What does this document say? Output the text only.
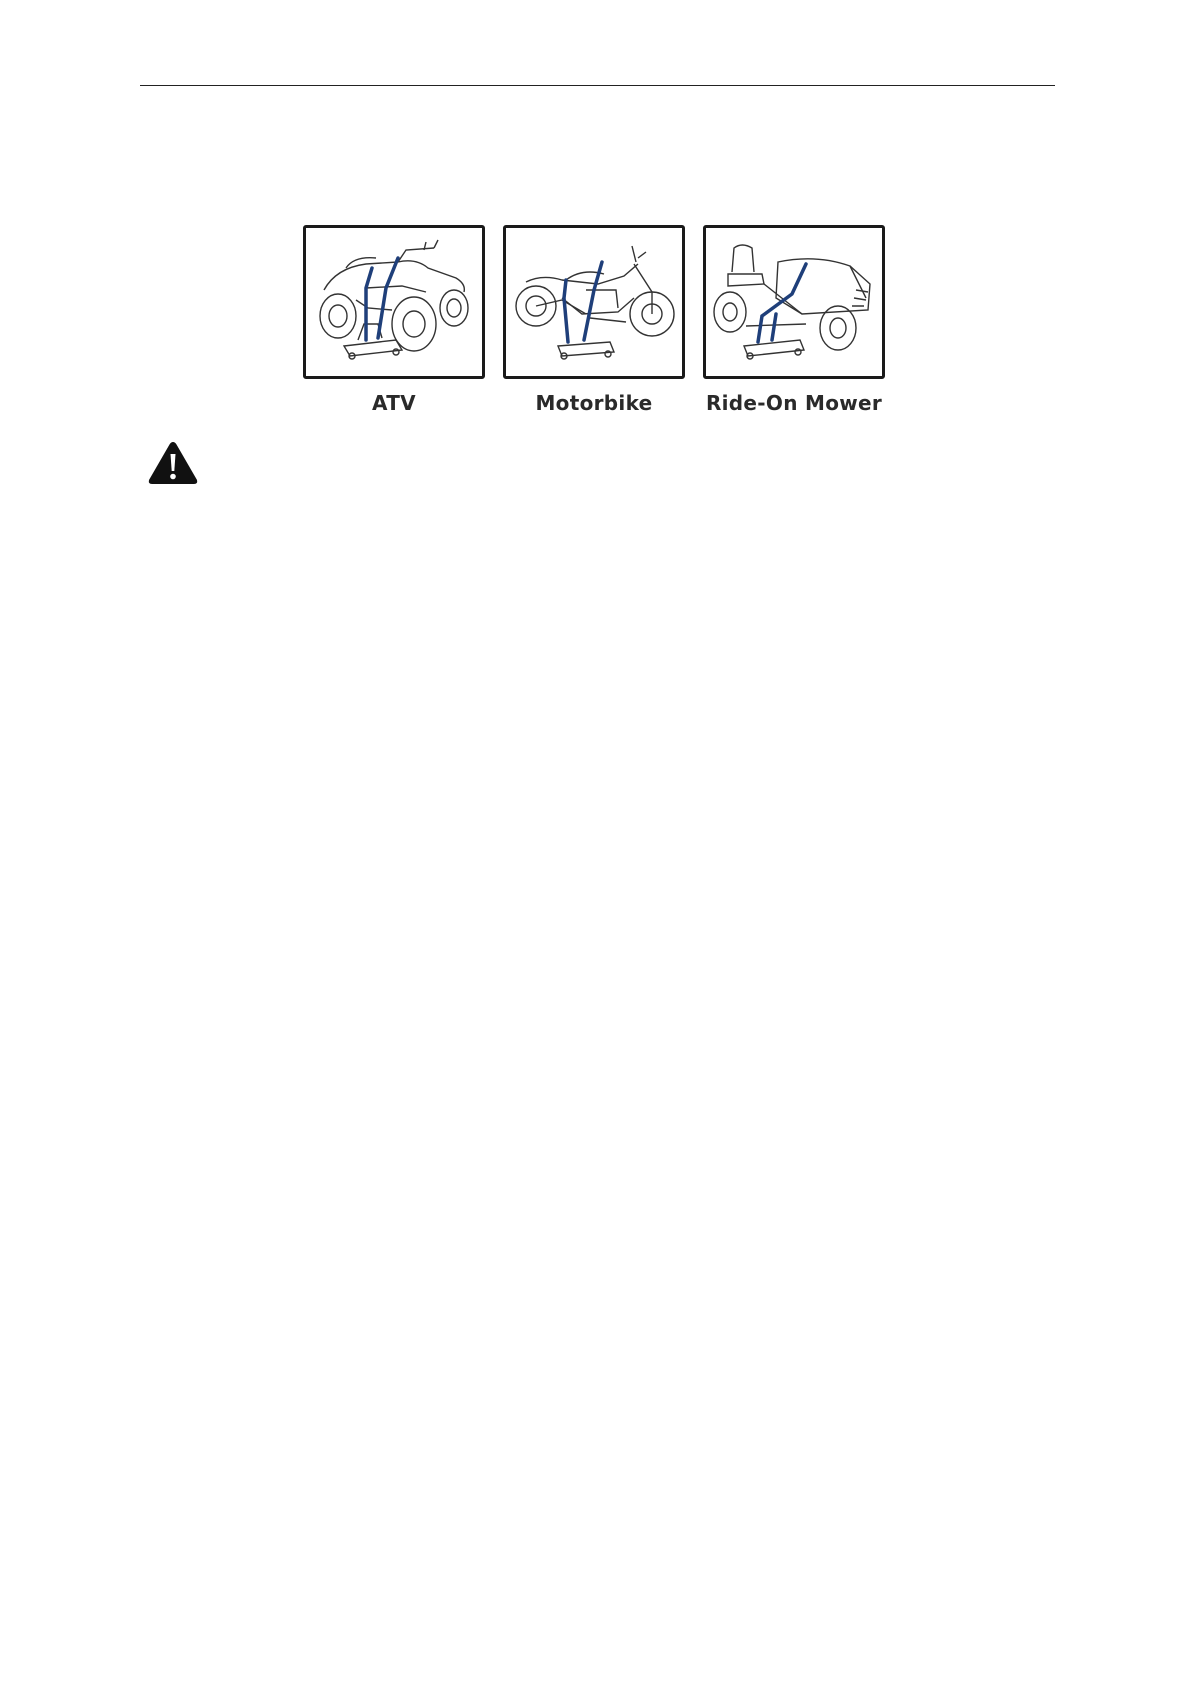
ATV	Motorbike	Ride-On Mower
